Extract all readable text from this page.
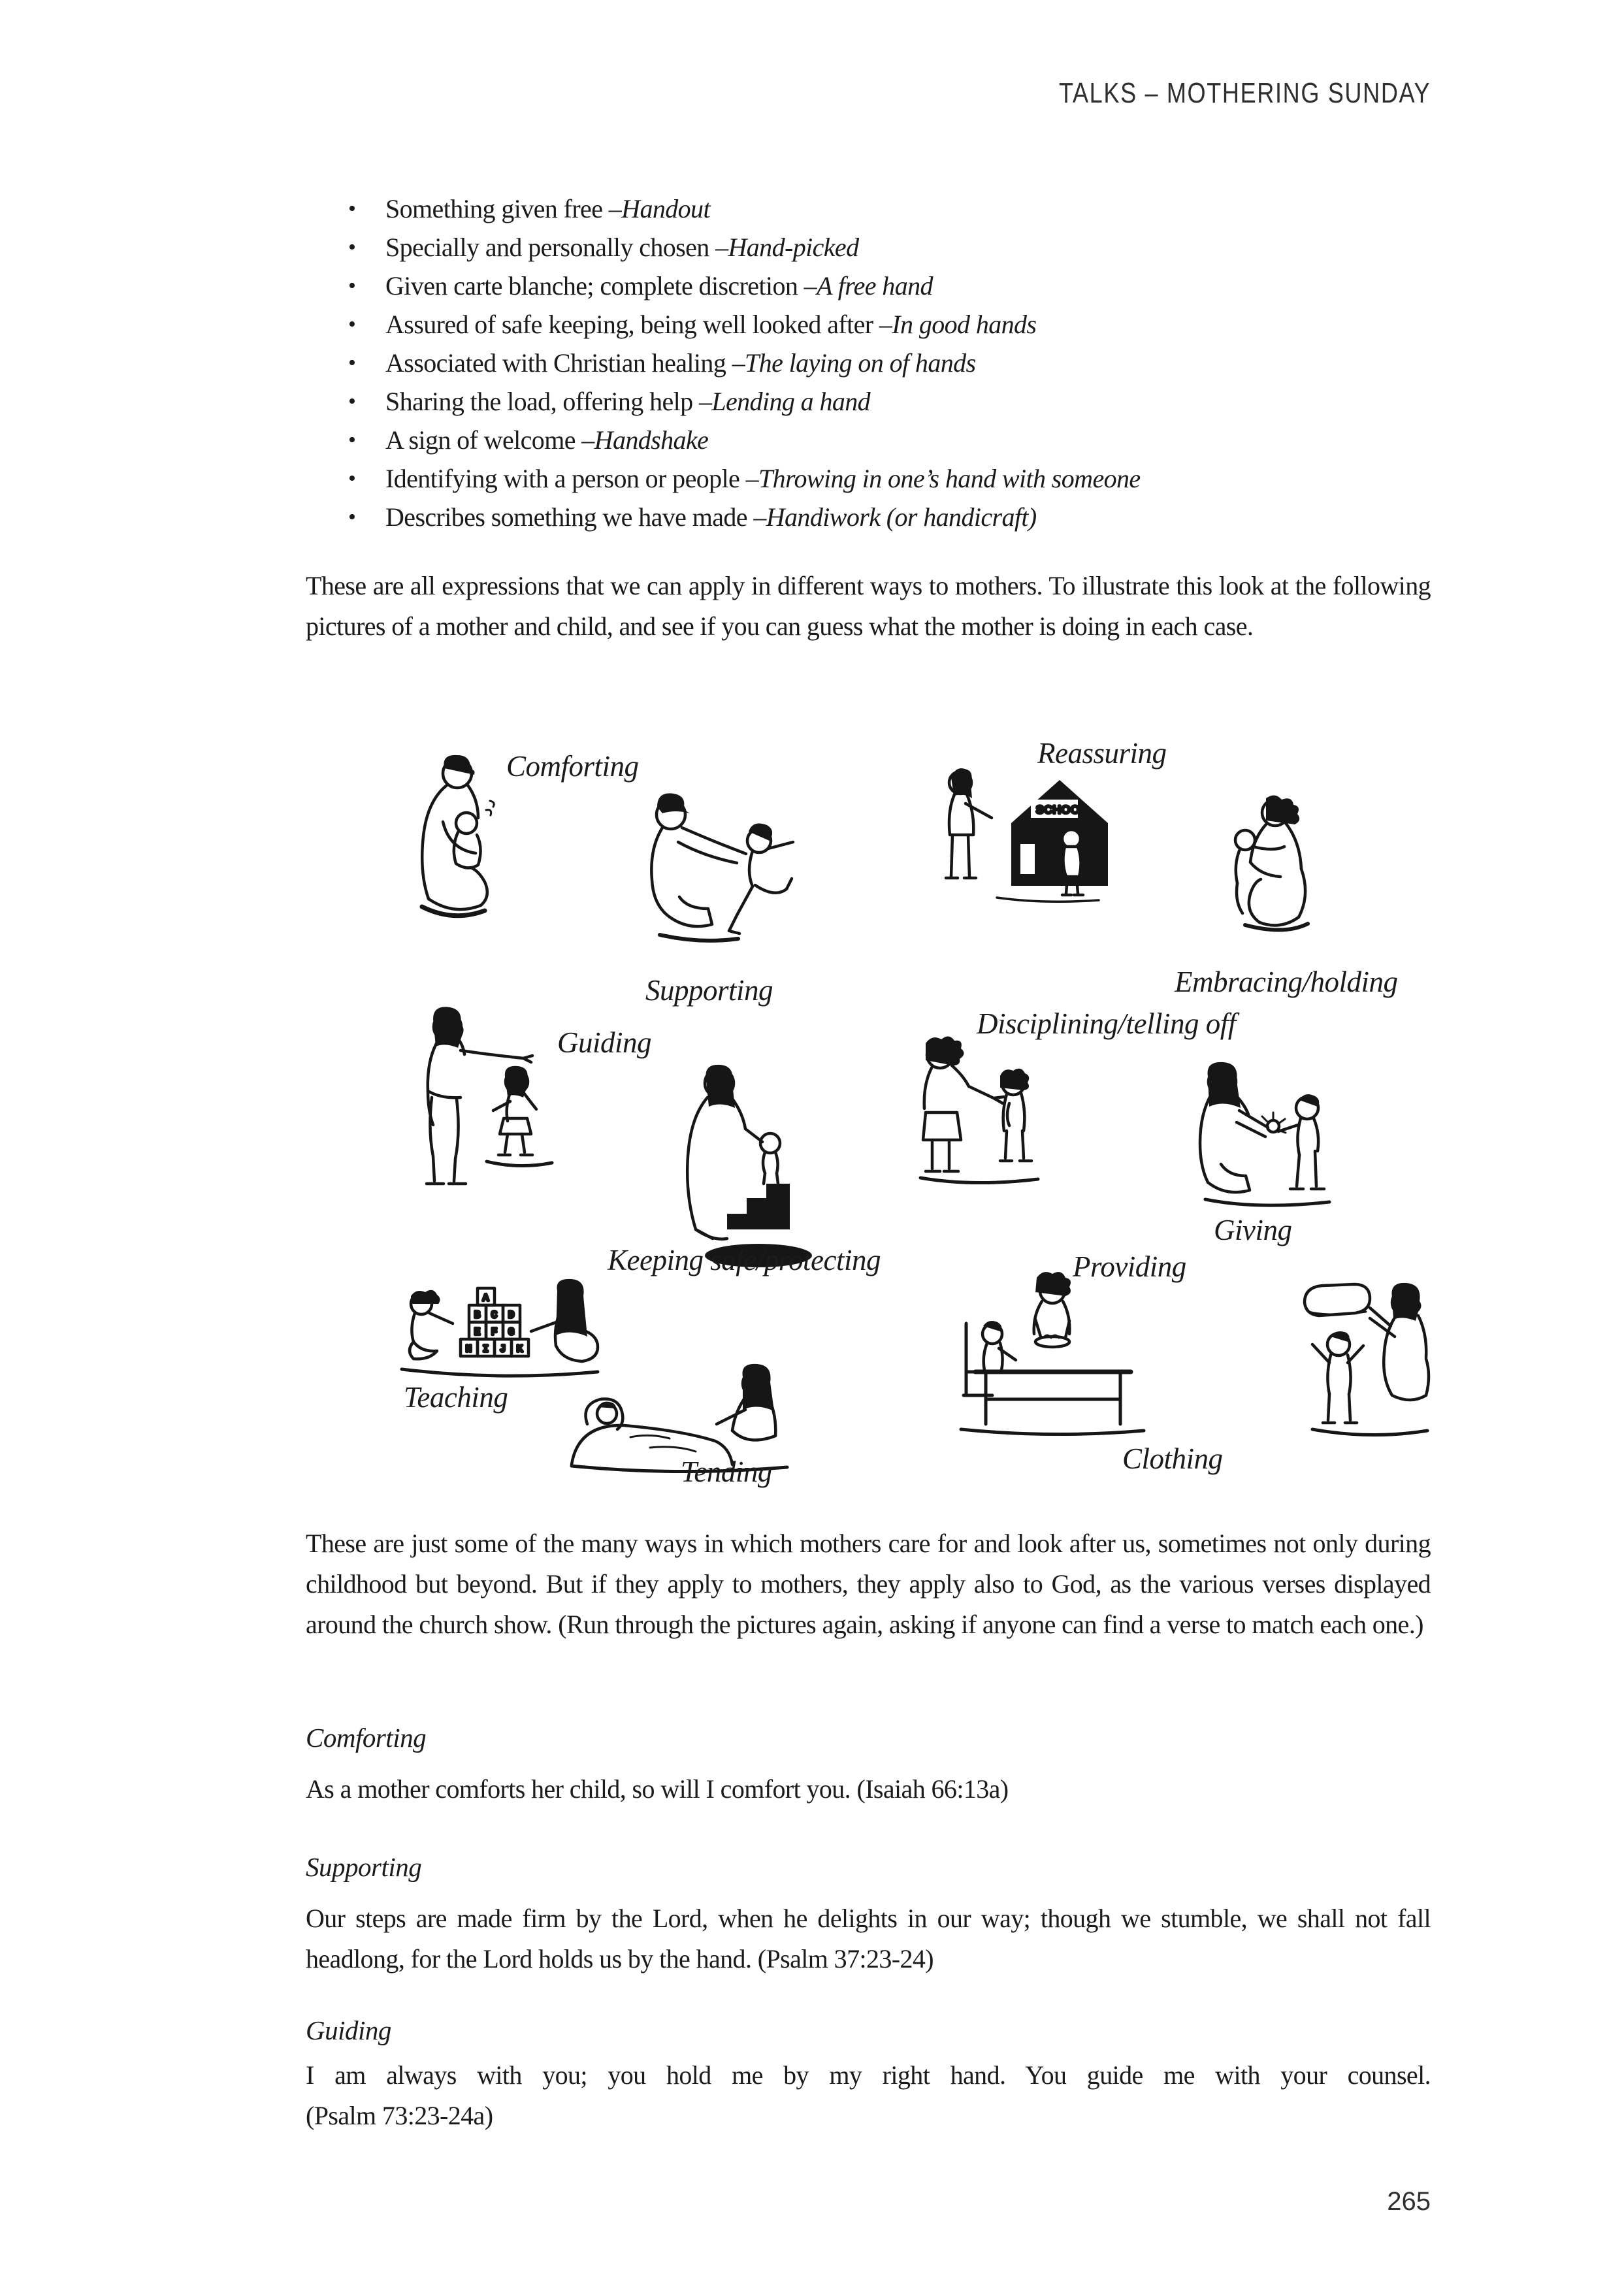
TALKS – MOTHERING SUNDAY
•	Something given free – Handout
•	Specially and personally chosen – Hand-picked
•	Given carte blanche; complete discretion – A free hand
•	Assured of safe keeping, being well looked after – In good hands
•	Associated with Christian healing – The laying on of hands
•	Sharing the load, offering help – Lending a hand
•	A sign of welcome – Handshake
•	Identifying with a person or people – Throwing in one’s hand with someone
•	Describes something we have made – Handiwork (or handicraft)
These are all expressions that we can apply in different ways to mothers. To illustrate this look at the following pictures of a mother and child, and see if you can guess what the mother is doing in each case.
Comforting
Supporting
SCHOOL
Reassuring
Embracing/holding
Guiding
Keeping safe/protecting
Disciplining/telling off
Giving
A
BCD
EFG
HIJK
Teaching
Tending
Providing
Clothing
These are just some of the many ways in which mothers care for and look after us, sometimes not only during childhood but beyond. But if they apply to mothers, they apply also to God, as the various verses displayed around the church show. (Run through the pictures again, asking if anyone can find a verse to match each one.)
Comforting
As a mother comforts her child, so will I comfort you. (Isaiah 66:13a)
Supporting
Our steps are made firm by the Lord, when he delights in our way; though we stumble, we shall not fall headlong, for the Lord holds us by the hand. (Psalm 37:23-24)
Guiding
I am always with you; you hold me by my right hand. You guide me with your counsel.
(Psalm 73:23-24a)
265
